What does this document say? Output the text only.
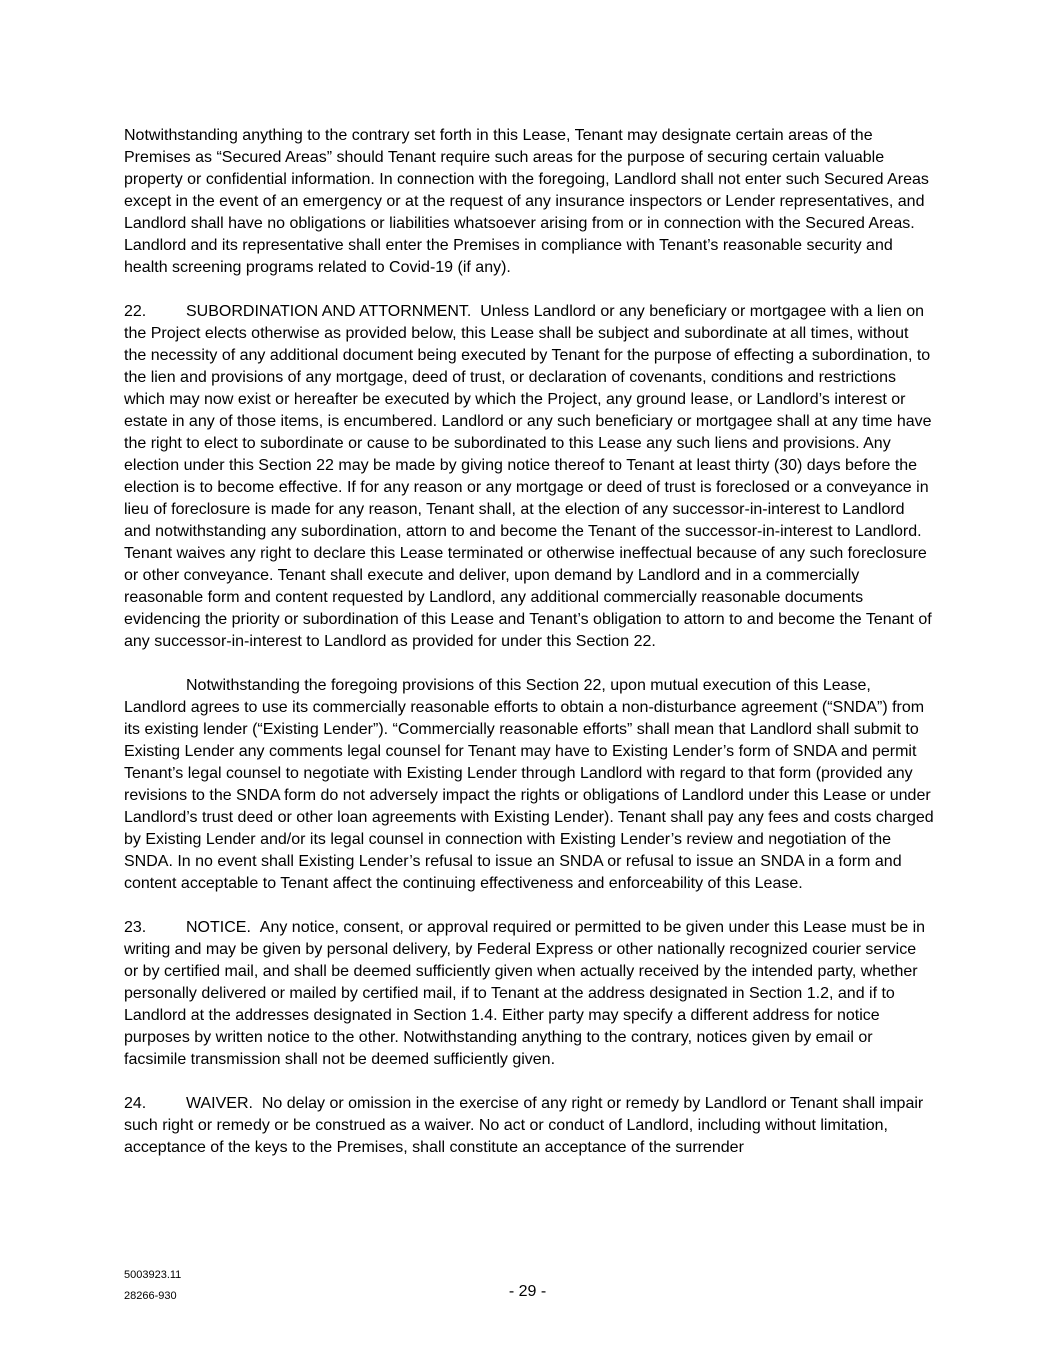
Notwithstanding anything to the contrary set forth in this Lease, Tenant may designate certain areas of the Premises as “Secured Areas” should Tenant require such areas for the purpose of securing certain valuable property or confidential information. In connection with the foregoing, Landlord shall not enter such Secured Areas except in the event of an emergency or at the request of any insurance inspectors or Lender representatives, and Landlord shall have no obligations or liabilities whatsoever arising from or in connection with the Secured Areas. Landlord and its representative shall enter the Premises in compliance with Tenant’s reasonable security and health screening programs related to Covid-19 (if any).

22. SUBORDINATION AND ATTORNMENT. Unless Landlord or any beneficiary or mortgagee with a lien on the Project elects otherwise as provided below, this Lease shall be subject and subordinate at all times, without the necessity of any additional document being executed by Tenant for the purpose of effecting a subordination, to the lien and provisions of any mortgage, deed of trust, or declaration of covenants, conditions and restrictions which may now exist or hereafter be executed by which the Project, any ground lease, or Landlord’s interest or estate in any of those items, is encumbered. Landlord or any such beneficiary or mortgagee shall at any time have the right to elect to subordinate or cause to be subordinated to this Lease any such liens and provisions. Any election under this Section 22 may be made by giving notice thereof to Tenant at least thirty (30) days before the election is to become effective. If for any reason or any mortgage or deed of trust is foreclosed or a conveyance in lieu of foreclosure is made for any reason, Tenant shall, at the election of any successor-in-interest to Landlord and notwithstanding any subordination, attorn to and become the Tenant of the successor-in-interest to Landlord. Tenant waives any right to declare this Lease terminated or otherwise ineffectual because of any such foreclosure or other conveyance. Tenant shall execute and deliver, upon demand by Landlord and in a commercially reasonable form and content requested by Landlord, any additional commercially reasonable documents evidencing the priority or subordination of this Lease and Tenant’s obligation to attorn to and become the Tenant of any successor-in-interest to Landlord as provided for under this Section 22.

Notwithstanding the foregoing provisions of this Section 22, upon mutual execution of this Lease, Landlord agrees to use its commercially reasonable efforts to obtain a non-disturbance agreement (“SNDA”) from its existing lender (“Existing Lender”). “Commercially reasonable efforts” shall mean that Landlord shall submit to Existing Lender any comments legal counsel for Tenant may have to Existing Lender’s form of SNDA and permit Tenant’s legal counsel to negotiate with Existing Lender through Landlord with regard to that form (provided any revisions to the SNDA form do not adversely impact the rights or obligations of Landlord under this Lease or under Landlord’s trust deed or other loan agreements with Existing Lender). Tenant shall pay any fees and costs charged by Existing Lender and/or its legal counsel in connection with Existing Lender’s review and negotiation of the SNDA. In no event shall Existing Lender’s refusal to issue an SNDA or refusal to issue an SNDA in a form and content acceptable to Tenant affect the continuing effectiveness and enforceability of this Lease.

23. NOTICE. Any notice, consent, or approval required or permitted to be given under this Lease must be in writing and may be given by personal delivery, by Federal Express or other nationally recognized courier service or by certified mail, and shall be deemed sufficiently given when actually received by the intended party, whether personally delivered or mailed by certified mail, if to Tenant at the address designated in Section 1.2, and if to Landlord at the addresses designated in Section 1.4. Either party may specify a different address for notice purposes by written notice to the other. Notwithstanding anything to the contrary, notices given by email or facsimile transmission shall not be deemed sufficiently given.

24. WAIVER. No delay or omission in the exercise of any right or remedy by Landlord or Tenant shall impair such right or remedy or be construed as a waiver. No act or conduct of Landlord, including without limitation, acceptance of the keys to the Premises, shall constitute an acceptance of the surrender

5003923.11
28266-930	- 29 -
